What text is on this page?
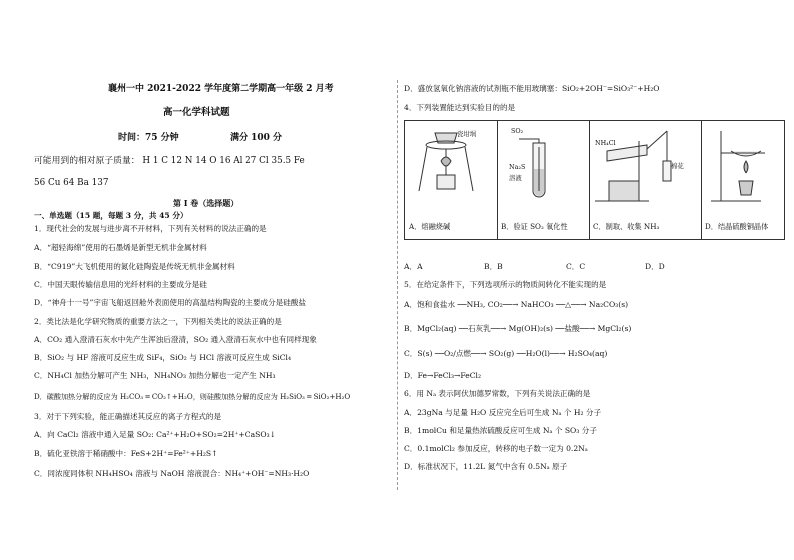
襄州一中 2021-2022 学年度第二学期高一年级 2 月考
高一化学科试题
时间：75 分钟	满分 100 分
可能用到的相对原子质量： H 1 C 12 N 14 O 16 Al 27 Cl 35.5 Fe
56 Cu 64 Ba 137
第 I 卷（选择题）
一、单选题（15 题，每题 3 分，共 45 分）
1．现代社会的发展与进步离不开材料，下列有关材料的说法正确的是
A．“超轻海绵”使用的石墨烯是新型无机非金属材料
B．“C919”大飞机使用的氮化硅陶瓷是传统无机非金属材料
C．中国天眼传输信息用的光纤材料的主要成分是硅
D．“神舟十一号”宇宙飞船返回舱外表面使用的高温结构陶瓷的主要成分是硅酸盐
2．类比法是化学研究物质的重要方法之一，下列相关类比的说法正确的是
A．CO₂ 通入澄清石灰水中先产生浑浊后澄清，SO₂ 通入澄清石灰水中也有同样现象
B．SiO₂ 与 HF 溶液可反应生成 SiF₄，SiO₂ 与 HCl 溶液可反应生成 SiCl₄
C．NH₄Cl 加热分解可产生 NH₃，NH₄NO₃ 加热分解也一定产生 NH₃
D．碳酸加热分解的反应为 H₂CO₃ ═ CO₂↑+H₂O，则硅酸加热分解的反应为 H₂SiO₃ ═ SiO₂+H₂O
3．对于下列实验，能正确描述其反应的离子方程式的是
A．向 CaCl₂ 溶液中通入足量 SO₂: Ca²⁺+H₂O+SO₂=2H⁺+CaSO₃↓
B．硫化亚铁溶于稀硝酸中：FeS+2H⁺=Fe²⁺+H₂S↑
C．同浓度同体积 NH₄HSO₄ 溶液与 NaOH 溶液混合：NH₄⁺+OH⁻=NH₃·H₂O
D．盛放氢氧化钠溶液的试剂瓶不能用玻璃塞：SiO₂+2OH⁻=SiO₃²⁻+H₂O
4．下列装置能达到实验目的的是
瓷坩埚
A．熔融烧碱
SO₂
Na₂S
溶液
B．验证 SO₂ 氧化性
NH₄Cl
棉花
C．制取、收集 NH₃	D．结晶硫酸铜晶体
A．A	B．B	C．C	D．D
5．在给定条件下，下列选项所示的物质间转化不能实现的是
A．饱和食盐水 ──NH₃, CO₂──→ NaHCO₃ ──△──→ Na₂CO₃(s)
B．MgCl₂(aq) ──石灰乳──→ Mg(OH)₂(s) ──盐酸──→ MgCl₂(s)
C．S(s) ──O₂/点燃──→ SO₂(g) ──H₂O(l)──→ H₂SO₄(aq)
D．Fe→FeCl₃→FeCl₂
6．用 Nₐ 表示阿伏加德罗常数，下列有关说法正确的是
A．23gNa 与足量 H₂O 反应完全后可生成 Nₐ 个 H₂ 分子
B．1molCu 和足量热浓硫酸反应可生成 Nₐ 个 SO₃ 分子
C．0.1molCl₂ 参加反应，转移的电子数一定为 0.2Nₐ
D．标准状况下，11.2L 氮气中含有 0.5Nₐ 原子
